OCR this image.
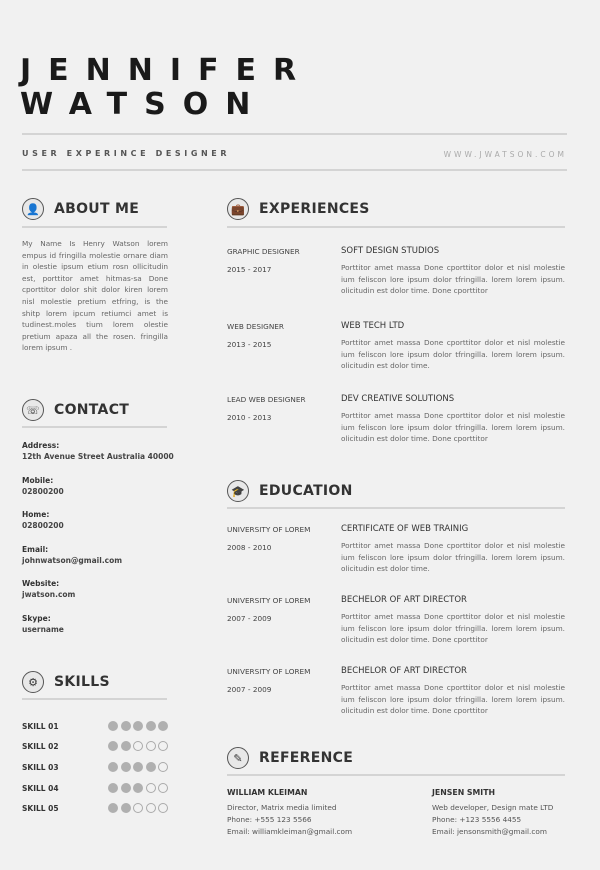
JENNIFER
WATSON
USER EXPERINCE DESIGNER	WWW.JWATSON.COM
👤 ABOUT ME
My Name Is Henry Watson lorem empus id fringilla molestie ornare diam in olestie ipsum etium rosn ollicitudin est, porttitor amet hitmas-sa Done cporttitor dolor shit dolor kiren lorem nisl molestie pretium etfring, is the shitp lorem ipcum retiumci amet is tudinest.moles tium lorem olestie pretium apaza all the rosen. fringilla lorem ipsum .
☏ CONTACT
Address:
12th Avenue Street Australia 40000
Mobile:
02800200
Home:
02800200
Email:
johnwatson@gmail.com
Website:
jwatson.com
Skype:
username
⚙	SKILLS
SKILL 01
SKILL 02
SKILL 03
SKILL 04
SKILL 05
💼 EXPERIENCES
GRAPHIC DESIGNER
2015 - 2017
SOFT DESIGN STUDIOS
Porttitor amet massa Done cporttitor dolor et nisl molestie ium feliscon lore ipsum dolor tfringilla. lorem lorem ipsum. olicitudin est dolor time. Done cporttitor
WEB DESIGNER
2013 - 2015
WEB TECH LTD
Porttitor amet massa Done cporttitor dolor et nisl molestie ium feliscon lore ipsum dolor tfringilla. lorem lorem ipsum. olicitudin est dolor time.
LEAD WEB DESIGNER
2010 - 2013
DEV CREATIVE SOLUTIONS
Porttitor amet massa Done cporttitor dolor et nisl molestie ium feliscon lore ipsum dolor tfringilla. lorem lorem ipsum. olicitudin est dolor time. Done cporttitor
🎓 EDUCATION
UNIVERSITY OF LOREM
2008 - 2010
CERTIFICATE OF WEB TRAINIG
Porttitor amet massa Done cporttitor dolor et nisl molestie ium feliscon lore ipsum dolor tfringilla. lorem lorem ipsum. olicitudin est dolor time.
UNIVERSITY OF LOREM
2007 - 2009
BECHELOR OF ART DIRECTOR
Porttitor amet massa Done cporttitor dolor et nisl molestie ium feliscon lore ipsum dolor tfringilla. lorem lorem ipsum. olicitudin est dolor time. Done cporttitor
UNIVERSITY OF LOREM
2007 - 2009
BECHELOR OF ART DIRECTOR
Porttitor amet massa Done cporttitor dolor et nisl molestie ium feliscon lore ipsum dolor tfringilla. lorem lorem ipsum. olicitudin est dolor time. Done cporttitor
✎	REFERENCE
WILLIAM KLEIMAN
Director, Matrix media limited
Phone: +555 123 5566
Email: williamkleiman@gmail.com
JENSEN SMITH
Web developer, Design mate LTD
Phone: +123 5556 4455
Email: jensonsmith@gmail.com
